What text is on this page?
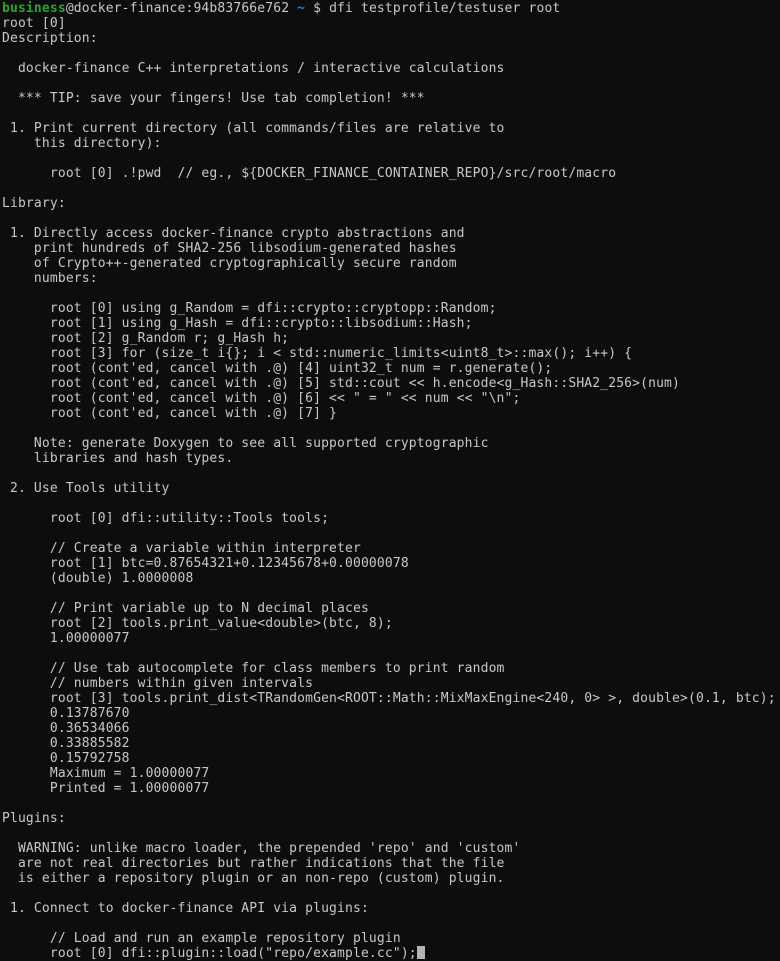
business@docker-finance:94b83766e762 ~ $ dfi testprofile/testuser root
root [0]
Description:
docker-finance C++ interpretations / interactive calculations
*** TIP: save your fingers! Use tab completion! ***
1. Print current directory (all commands/files are relative to
this directory):
root [0] .!pwd  // eg., ${DOCKER_FINANCE_CONTAINER_REPO}/src/root/macro
Library:
1. Directly access docker-finance crypto abstractions and
print hundreds of SHA2-256 libsodium-generated hashes
of Crypto++-generated cryptographically secure random
numbers:
root [0] using g_Random = dfi::crypto::cryptopp::Random;
root [1] using g_Hash = dfi::crypto::libsodium::Hash;
root [2] g_Random r; g_Hash h;
root [3] for (size_t i{}; i < std::numeric_limits<uint8_t>::max(); i++) {
root (cont'ed, cancel with .@) [4] uint32_t num = r.generate();
root (cont'ed, cancel with .@) [5] std::cout << h.encode<g_Hash::SHA2_256>(num)
root (cont'ed, cancel with .@) [6] << " = " << num << "\n";
root (cont'ed, cancel with .@) [7] }
Note: generate Doxygen to see all supported cryptographic
libraries and hash types.
2. Use Tools utility
root [0] dfi::utility::Tools tools;
// Create a variable within interpreter
root [1] btc=0.87654321+0.12345678+0.00000078
(double) 1.0000008
// Print variable up to N decimal places
root [2] tools.print_value<double>(btc, 8);
1.00000077
// Use tab autocomplete for class members to print random
// numbers within given intervals
root [3] tools.print_dist<TRandomGen<ROOT::Math::MixMaxEngine<240, 0> >, double>(0.1, btc);
0.13787670
0.36534066
0.33885582
0.15792758
Maximum = 1.00000077
Printed = 1.00000077
Plugins:
WARNING: unlike macro loader, the prepended 'repo' and 'custom'
are not real directories but rather indications that the file
is either a repository plugin or an non-repo (custom) plugin.
1. Connect to docker-finance API via plugins:
// Load and run an example repository plugin
root [0] dfi::plugin::load("repo/example.cc");
